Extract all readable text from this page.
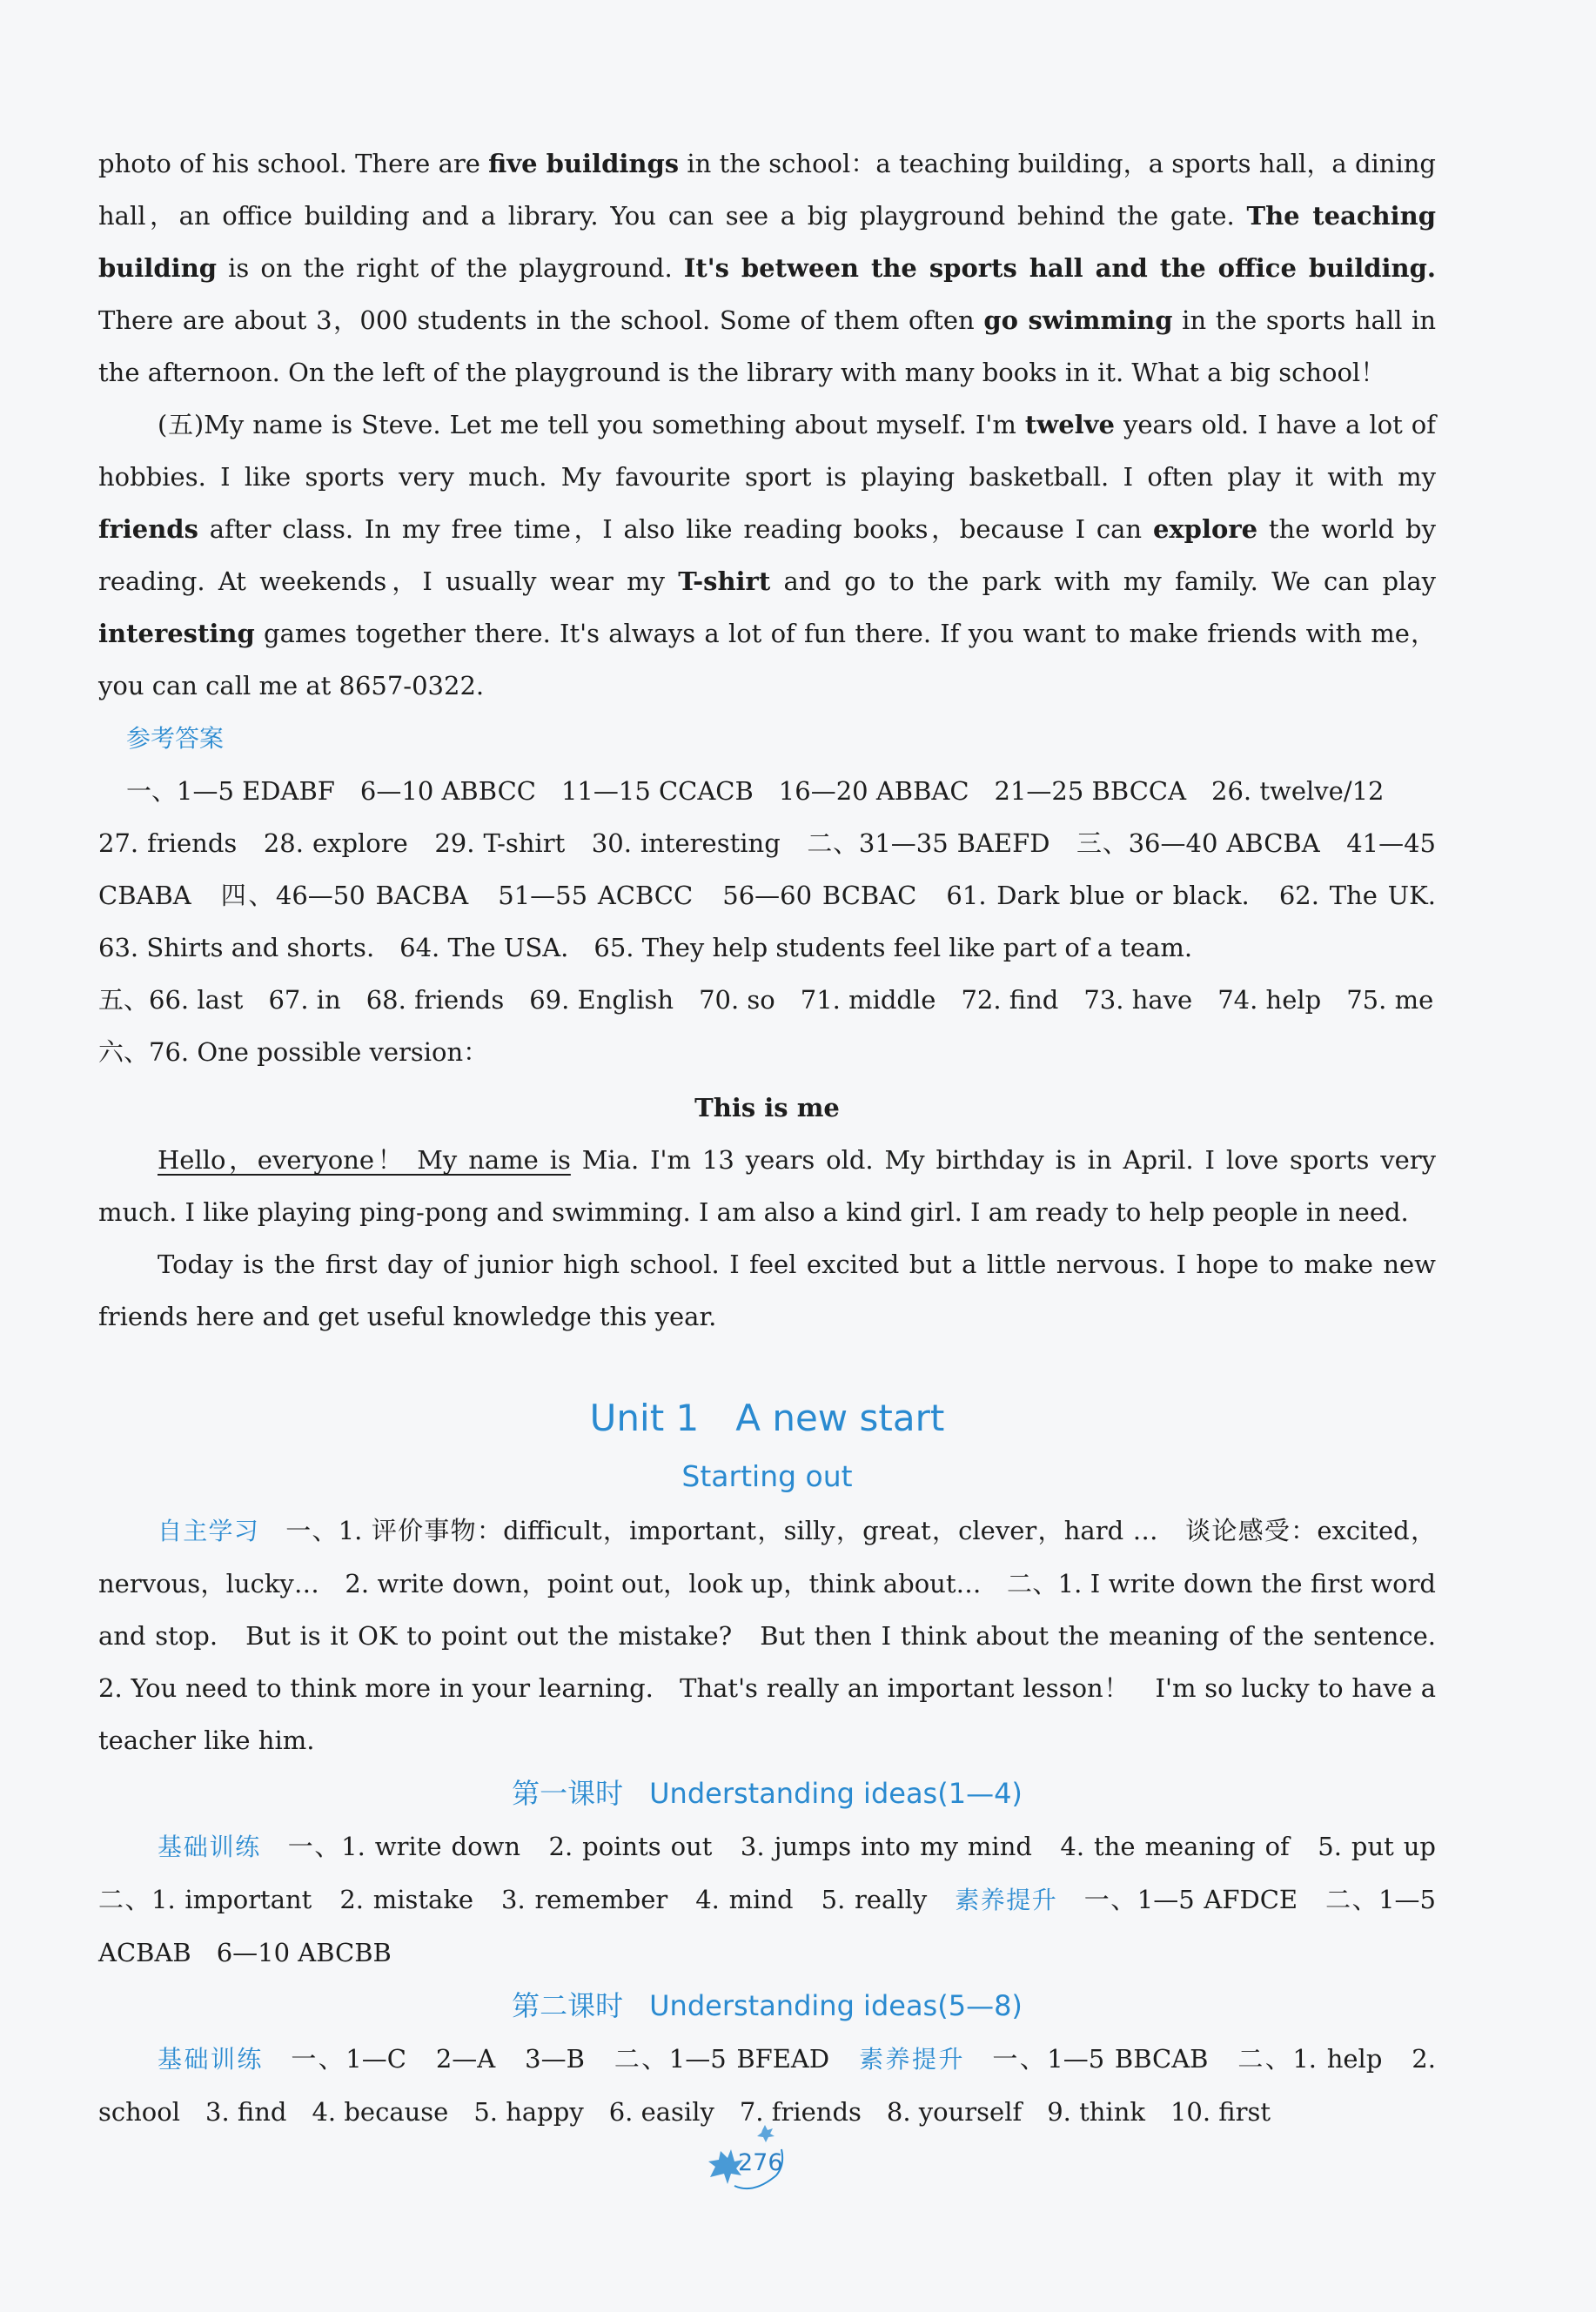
photo of his school. There are five buildings in the school：a teaching building，a sports hall，a dining hall，an office building and a library. You can see a big playground behind the gate. The teaching building is on the right of the playground. It's between the sports hall and the office building. There are about 3，000 students in the school. Some of them often go swimming in the sports hall in the afternoon. On the left of the playground is the library with many books in it. What a big school！

(五)My name is Steve. Let me tell you something about myself. I'm twelve years old. I have a lot of hobbies. I like sports very much. My favourite sport is playing basketball. I often play it with my friends after class. In my free time，I also like reading books，because I can explore the world by reading. At weekends，I usually wear my T-shirt and go to the park with my family. We can play interesting games together there. It's always a lot of fun there. If you want to make friends with me，you can call me at 8657-0322.

参考答案

一、1—5 EDABF　6—10 ABBCC　11—15 CCACB　16—20 ABBAC　21—25 BBCCA　26. twelve/12

27. friends　28. explore　29. T-shirt　30. interesting　二、31—35 BAEFD　三、36—40 ABCBA　41—45 CBABA　四、46—50 BACBA　51—55 ACBCC　56—60 BCBAC　61. Dark blue or black.　62. The UK.　63. Shirts and shorts.　64. The USA.　65. They help students feel like part of a team.

五、66. last　67. in　68. friends　69. English　70. so　71. middle　72. find　73. have　74. help　75. me

六、76. One possible version：

This is me

Hello，everyone！ My name is Mia. I'm 13 years old. My birthday is in April. I love sports very much. I like playing ping-pong and swimming. I am also a kind girl. I am ready to help people in need.

Today is the first day of junior high school. I feel excited but a little nervous. I hope to make new friends here and get useful knowledge this year.

Unit 1　A new start
Starting out

自主学习　一、1. 评价事物：difficult，important，silly，great，clever，hard …　谈论感受：excited，nervous，lucky…　2. write down，point out，look up，think about…　二、1. I write down the first word and stop.　But is it OK to point out the mistake?　But then I think about the meaning of the sentence.　2. You need to think more in your learning.　That's really an important lesson！　I'm so lucky to have a teacher like him.

第一课时 Understanding ideas(1—4)

基础训练　一、1. write down　2. points out　3. jumps into my mind　4. the meaning of　5. put up　二、1. important　2. mistake　3. remember　4. mind　5. really　素养提升　一、1—5 AFDCE　二、1—5 ACBAB　6—10 ABCBB

第二课时 Understanding ideas(5—8)

基础训练　一、1—C　2—A　3—B　二、1—5 BFEAD　素养提升　一、1—5 BBCAB　二、1. help　2. school　3. find　4. because　5. happy　6. easily　7. friends　8. yourself　9. think　10. first

276
